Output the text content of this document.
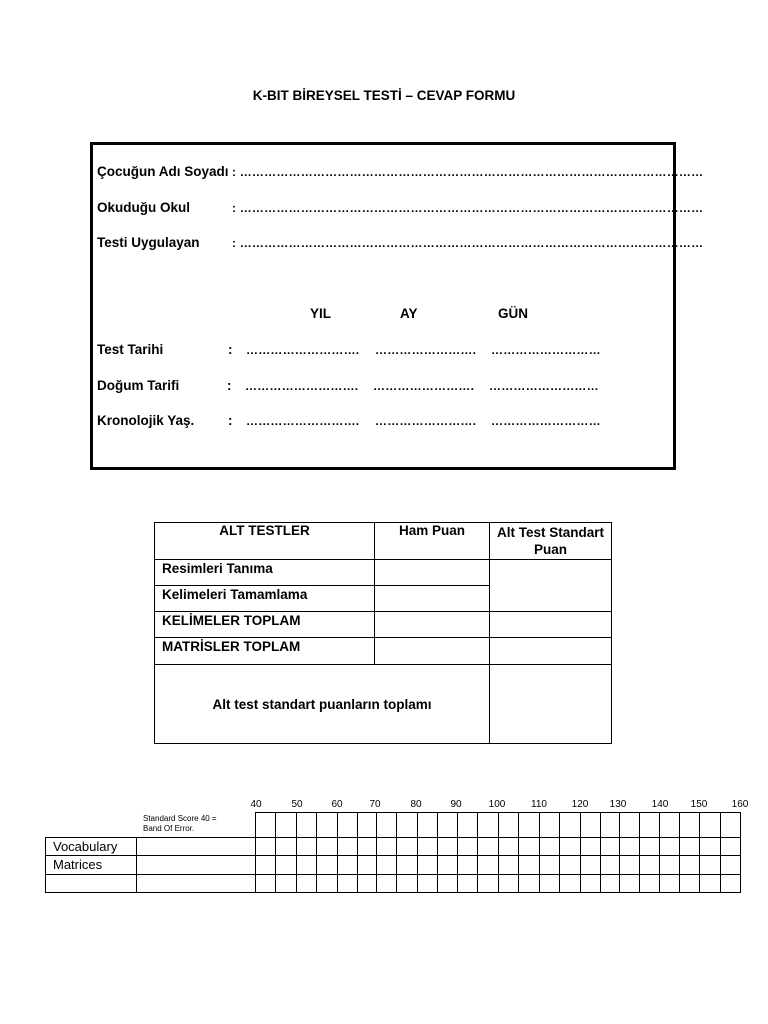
K-BIT BİREYSEL TESTİ – CEVAP FORMU
Çocuğun Adı Soyadı : ……………………………………………………………………………………………………
Okuduğu Okul	: ……………………………………………………………………………………………………
Testi Uygulayan	: ……………………………………………………………………………………………………
YIL	AY	GÜN
Test Tarihi	: ………………………. ……………………. ………………………
Doğum Tarifi	: ………………………. ……………………. ………………………
Kronolojik Yaş. : ………………………. ……………………. ………………………
ALT TESTLER	Ham Puan	Alt Test Standart Puan
Resimleri Tanıma		
Kelimeleri Tamamlama		
KELİMELER TOPLAM		
MATRİSLER TOPLAM		
Alt test standart puanların toplamı		
40	50	60	70	80	90	100	110	120	130	140	150	160
Standard Score 40 =
Band Of Error.
Vocabulary
Matrices
